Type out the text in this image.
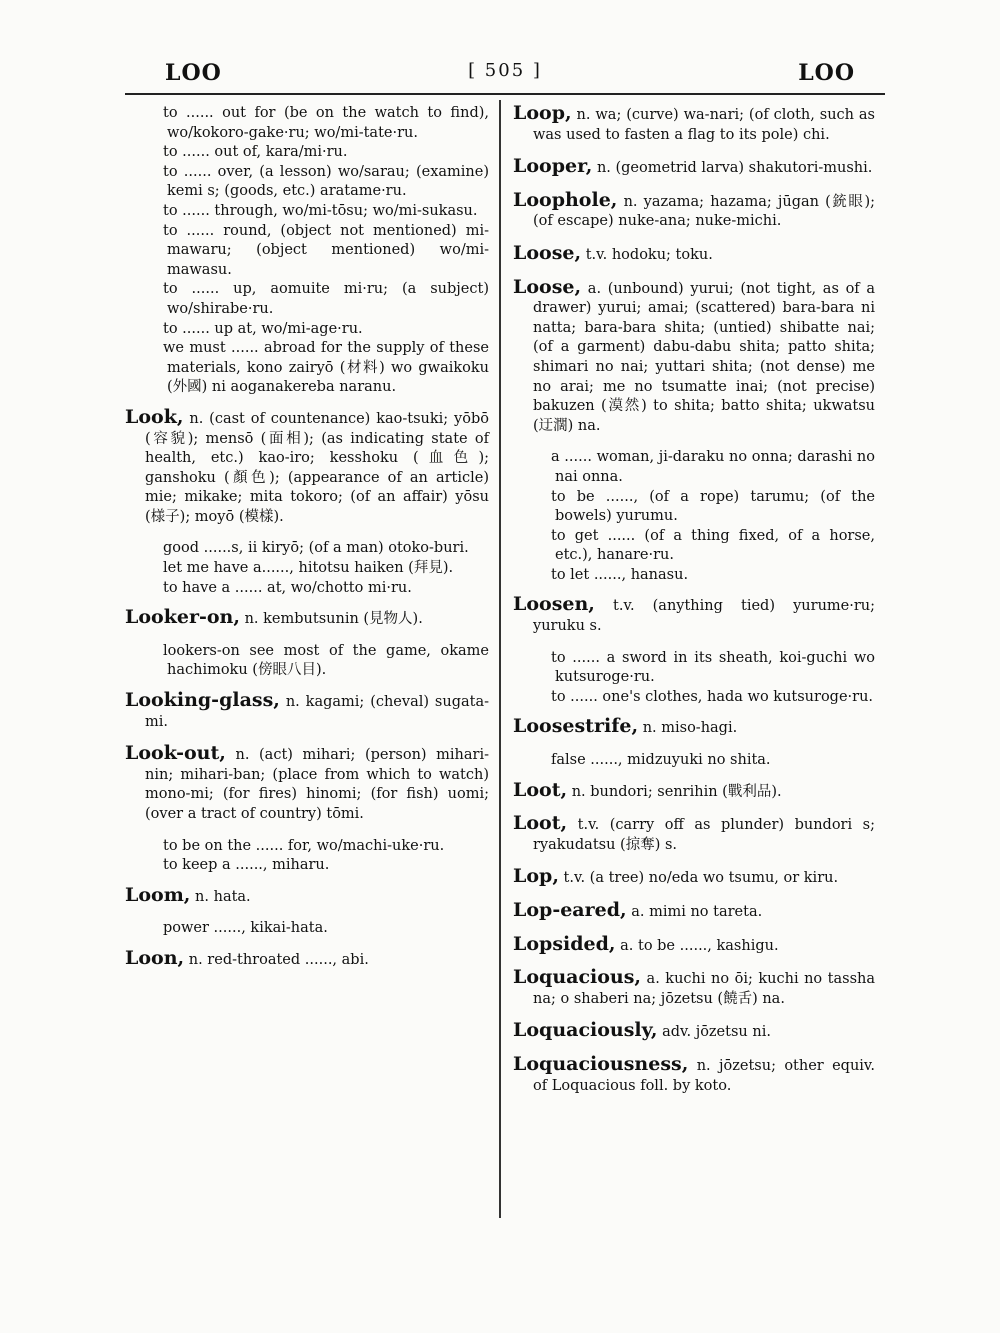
LOO	[ 505 ]	LOO

to ...... out for (be on the watch to find), wo/kokoro-gake·ru; wo/mi-tate·ru.

to ...... out of, kara/mi·ru.

to ...... over, (a lesson) wo/sarau; (examine) kemi s; (goods, etc.) aratame·ru.

to ...... through, wo/mi-tōsu; wo/mi-sukasu.

to ...... round, (object not mentioned) mi-mawaru; (object mentioned) wo/mi-mawasu.

to ...... up, aomuite mi·ru; (a subject) wo/shirabe·ru.

to ...... up at, wo/mi-age·ru.

we must ...... abroad for the supply of these materials, kono zairyō (材料) wo gwaikoku (外國) ni aoganakereba naranu.

Look, n. (cast of countenance) kao-tsuki; yōbō (容貌); mensō (面相); (as indicating state of health, etc.) kao-iro; kesshoku (血色); ganshoku (顏色); (appearance of an article) mie; mikake; mita tokoro; (of an affair) yōsu (様子); moyō (模樣).

good ......s, ii kiryō; (of a man) otoko-buri.

let me have a......, hitotsu haiken (拜見).

to have a ...... at, wo/chotto mi·ru.

Looker-on, n. kembutsunin (見物人).

lookers-on see most of the game, okame hachimoku (傍眼八目).

Looking-glass, n. kagami; (cheval) sugata-mi.

Look-out, n. (act) mihari; (person) mihari-nin; mihari-ban; (place from which to watch) mono-mi; (for fires) hinomi; (for fish) uomi; (over a tract of country) tōmi.

to be on the ...... for, wo/machi-uke·ru.

to keep a ......, miharu.

Loom, n. hata.

power ......, kikai-hata.

Loon, n. red-throated ......, abi.

Loop, n. wa; (curve) wa-nari; (of cloth, such as was used to fasten a flag to its pole) chi.

Looper, n. (geometrid larva) shakutori-mushi.

Loophole, n. yazama; hazama; jūgan (銃眼); (of escape) nuke-ana; nuke-michi.

Loose, t.v. hodoku; toku.

Loose, a. (unbound) yurui; (not tight, as of a drawer) yurui; amai; (scattered) bara-bara ni natta; bara-bara shita; (untied) shibatte nai; (of a garment) dabu-dabu shita; patto shita; shimari no nai; yuttari shita; (not dense) me no arai; me no tsumatte inai; (not precise) bakuzen (漠然) to shita; batto shita; ukwatsu (迂濶) na.

a ...... woman, ji-daraku no onna; darashi no nai onna.

to be ......, (of a rope) tarumu; (of the bowels) yurumu.

to get ...... (of a thing fixed, of a horse, etc.), hanare·ru.

to let ......, hanasu.

Loosen, t.v. (anything tied) yurume·ru; yuruku s.

to ...... a sword in its sheath, koi-guchi wo kutsuroge·ru.

to ...... one's clothes, hada wo kutsuroge·ru.

Loosestrife, n. miso-hagi.

false ......, midzuyuki no shita.

Loot, n. bundori; senrihin (戰利品).

Loot, t.v. (carry off as plunder) bundori s; ryakudatsu (掠奪) s.

Lop, t.v. (a tree) no/eda wo tsumu, or kiru.

Lop-eared, a. mimi no tareta.

Lopsided, a. to be ......, kashigu.

Loquacious, a. kuchi no ōi; kuchi no tassha na; o shaberi na; jōzetsu (饒舌) na.

Loquaciously, adv. jōzetsu ni.

Loquaciousness, n. jōzetsu; other equiv. of Loquacious foll. by koto.
